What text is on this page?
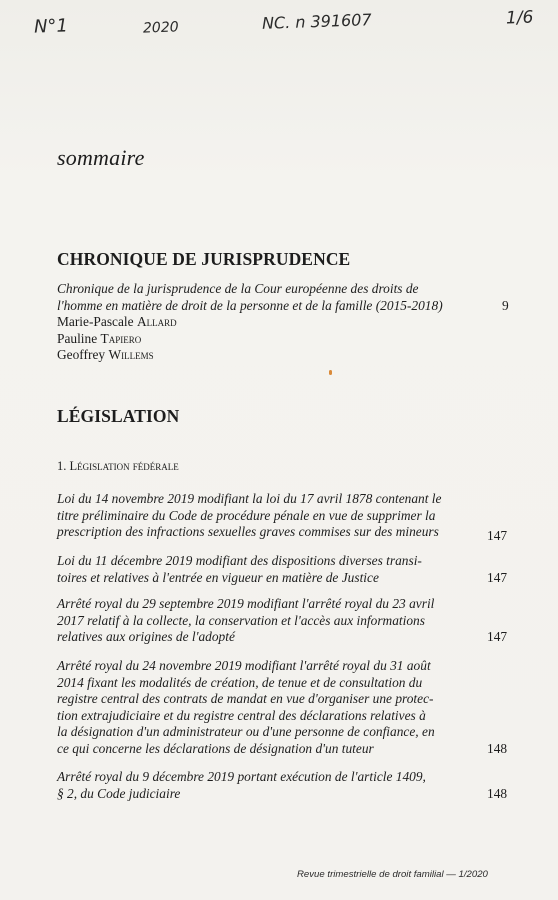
N°1	2020	NC. n 391607	1/6
sommaire
CHRONIQUE DE JURISPRUDENCE
Chronique de la jurisprudence de la Cour européenne des droits de
l'homme en matière de droit de la personne et de la famille (2015-2018)	9
Marie-Pascale Allard
Pauline Tapiero
Geoffrey Willems
LÉGISLATION
1. Législation fédérale
Loi du 14 novembre 2019 modifiant la loi du 17 avril 1878 contenant le
titre préliminaire du Code de procédure pénale en vue de supprimer la
prescription des infractions sexuelles graves commises sur des mineurs	147
Loi du 11 décembre 2019 modifiant des dispositions diverses transi-
toires et relatives à l'entrée en vigueur en matière de Justice	147
Arrêté royal du 29 septembre 2019 modifiant l'arrêté royal du 23 avril
2017 relatif à la collecte, la conservation et l'accès aux informations
relatives aux origines de l'adopté	147
Arrêté royal du 24 novembre 2019 modifiant l'arrêté royal du 31 août
2014 fixant les modalités de création, de tenue et de consultation du
registre central des contrats de mandat en vue d'organiser une protec-
tion extrajudiciaire et du registre central des déclarations relatives à
la désignation d'un administrateur ou d'une personne de confiance, en
ce qui concerne les déclarations de désignation d'un tuteur	148
Arrêté royal du 9 décembre 2019 portant exécution de l'article 1409,
§ 2, du Code judiciaire	148
Revue trimestrielle de droit familial — 1/2020
